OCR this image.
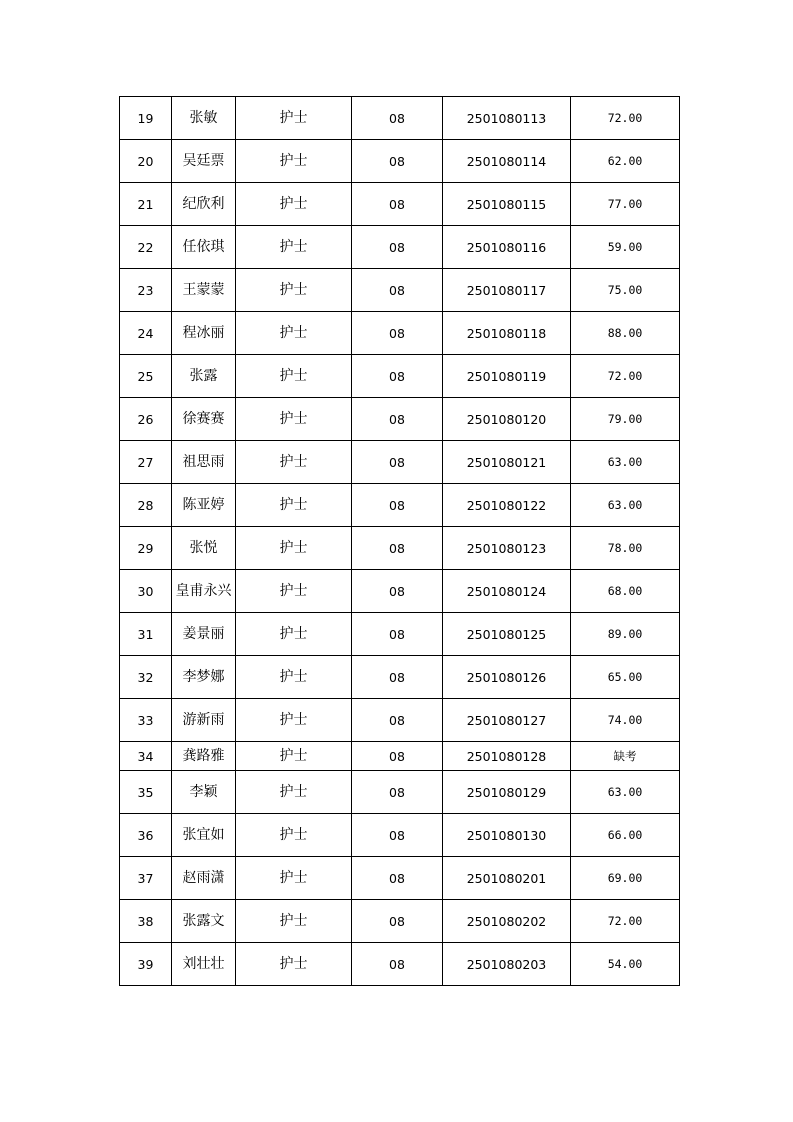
19	张敏	护士	08	2501080113	72.00
20	吴廷票	护士	08	2501080114	62.00
21	纪欣利	护士	08	2501080115	77.00
22	任依琪	护士	08	2501080116	59.00
23	王蒙蒙	护士	08	2501080117	75.00
24	程冰丽	护士	08	2501080118	88.00
25	张露	护士	08	2501080119	72.00
26	徐赛赛	护士	08	2501080120	79.00
27	祖思雨	护士	08	2501080121	63.00
28	陈亚婷	护士	08	2501080122	63.00
29	张悦	护士	08	2501080123	78.00
30	皇甫永兴	护士	08	2501080124	68.00
31	姜景丽	护士	08	2501080125	89.00
32	李梦娜	护士	08	2501080126	65.00
33	游新雨	护士	08	2501080127	74.00
34	龚路雅	护士	08	2501080128	缺考
35	李颖	护士	08	2501080129	63.00
36	张宜如	护士	08	2501080130	66.00
37	赵雨潇	护士	08	2501080201	69.00
38	张露文	护士	08	2501080202	72.00
39	刘壮壮	护士	08	2501080203	54.00
